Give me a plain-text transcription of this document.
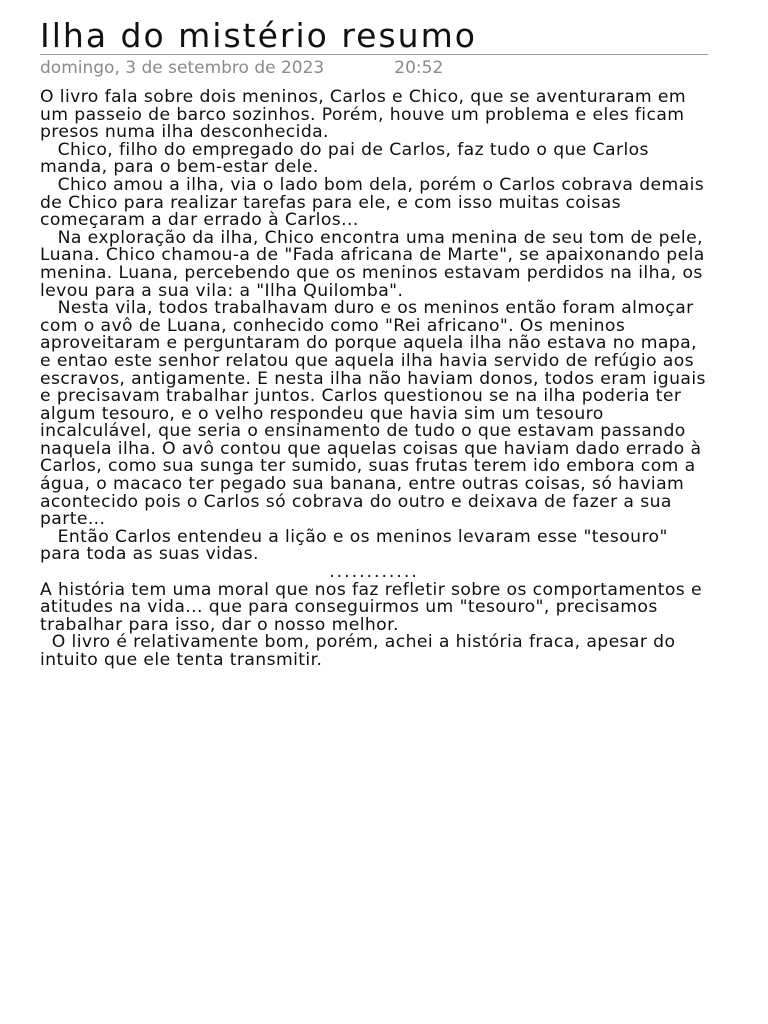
Ilha do mistério resumo
domingo, 3 de setembro de 2023	20:52

O livro fala sobre dois meninos, Carlos e Chico, que se aventuraram em um passeio de barco sozinhos. Porém, houve um problema e eles ficam presos numa ilha desconhecida.

Chico, filho do empregado do pai de Carlos, faz tudo o que Carlos manda, para o bem-estar dele.

Chico amou a ilha, via o lado bom dela, porém o Carlos cobrava demais de Chico para realizar tarefas para ele, e com isso muitas coisas começaram a dar errado à Carlos...

Na exploração da ilha, Chico encontra uma menina de seu tom de pele, Luana. Chico chamou-a de "Fada africana de Marte", se apaixonando pela menina. Luana, percebendo que os meninos estavam perdidos na ilha, os levou para a sua vila: a "Ilha Quilomba".

Nesta vila, todos trabalhavam duro e os meninos então foram almoçar com o avô de Luana, conhecido como "Rei africano". Os meninos aproveitaram e perguntaram do porque aquela ilha não estava no mapa, e entao este senhor relatou que aquela ilha havia servido de refúgio aos escravos, antigamente. E nesta ilha não haviam donos, todos eram iguais e precisavam trabalhar juntos. Carlos questionou se na ilha poderia ter algum tesouro, e o velho respondeu que havia sim um tesouro incalculável, que seria o ensinamento de tudo o que estavam passando naquela ilha. O avô contou que aquelas coisas que haviam dado errado à Carlos, como sua sunga ter sumido, suas frutas terem ido embora com a água, o macaco ter pegado sua banana, entre outras coisas, só haviam acontecido pois o Carlos só cobrava do outro e deixava de fazer a sua parte...

Então Carlos entendeu a lição e os meninos levaram esse "tesouro" para toda as suas vidas.

............

A história tem uma moral que nos faz refletir sobre os comportamentos e atitudes na vida... que para conseguirmos um "tesouro", precisamos trabalhar para isso, dar o nosso melhor.

O livro é relativamente bom, porém, achei a história fraca, apesar do intuito que ele tenta transmitir.
